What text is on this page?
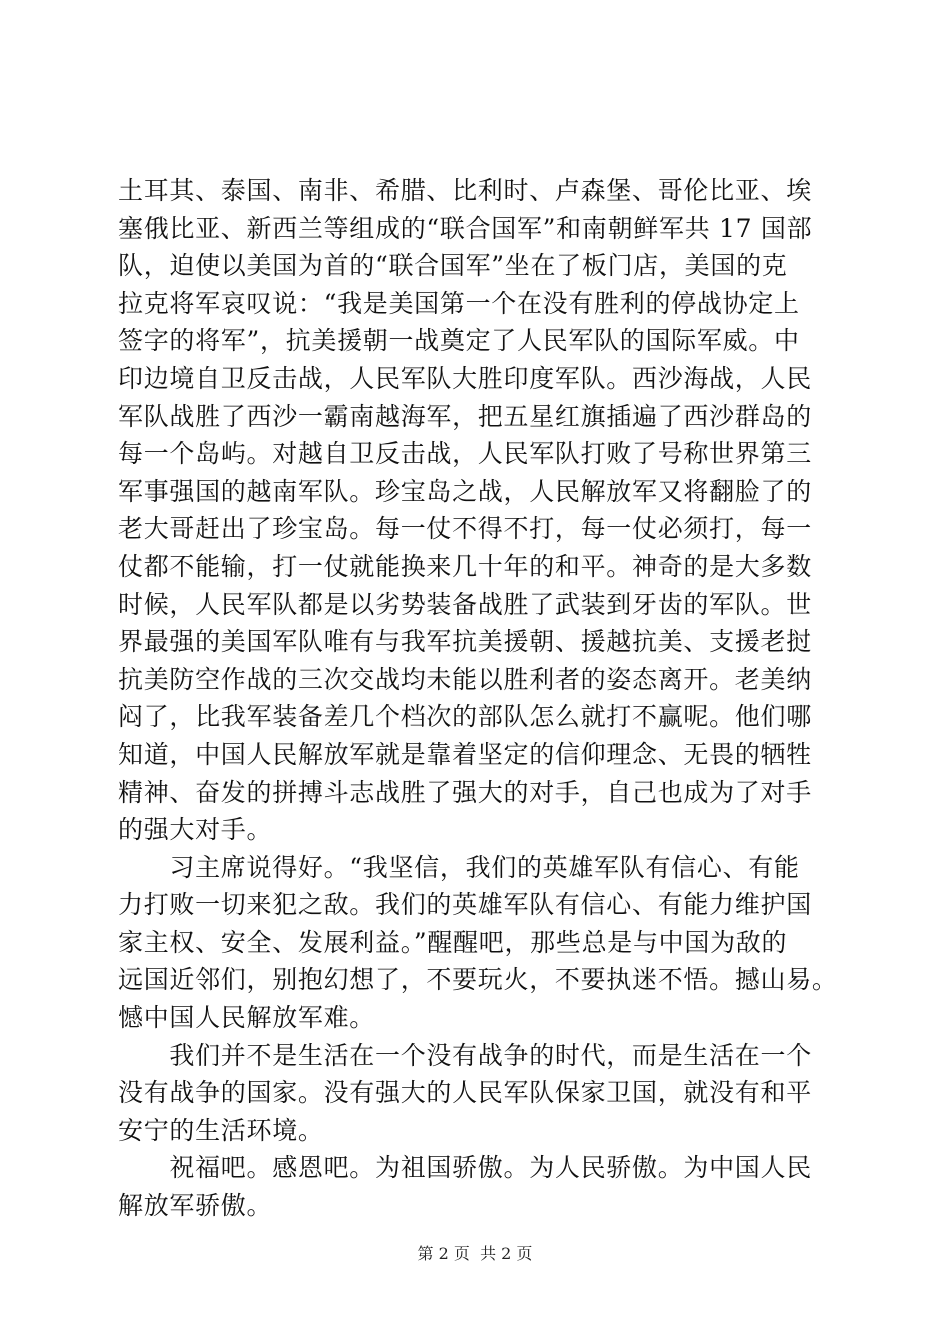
土耳其、泰国、南非、希腊、比利时、卢森堡、哥伦比亚、埃
塞俄比亚、新西兰等组成的“联合国军”和南朝鲜军共 17 国部
队，迫使以美国为首的“联合国军”坐在了板门店，美国的克
拉克将军哀叹说：“我是美国第一个在没有胜利的停战协定上
签字的将军”，抗美援朝一战奠定了人民军队的国际军威。中
印边境自卫反击战，人民军队大胜印度军队。西沙海战，人民
军队战胜了西沙一霸南越海军，把五星红旗插遍了西沙群岛的
每一个岛屿。对越自卫反击战，人民军队打败了号称世界第三
军事强国的越南军队。珍宝岛之战，人民解放军又将翻脸了的
老大哥赶出了珍宝岛。每一仗不得不打，每一仗必须打，每一
仗都不能输，打一仗就能换来几十年的和平。神奇的是大多数
时候，人民军队都是以劣势装备战胜了武装到牙齿的军队。世
界最强的美国军队唯有与我军抗美援朝、援越抗美、支援老挝
抗美防空作战的三次交战均未能以胜利者的姿态离开。老美纳
闷了，比我军装备差几个档次的部队怎么就打不赢呢。他们哪
知道，中国人民解放军就是靠着坚定的信仰理念、无畏的牺牲
精神、奋发的拼搏斗志战胜了强大的对手，自己也成为了对手
的强大对手。
　　习主席说得好。“我坚信，我们的英雄军队有信心、有能
力打败一切来犯之敌。我们的英雄军队有信心、有能力维护国
家主权、安全、发展利益。”醒醒吧，那些总是与中国为敌的
远国近邻们，别抱幻想了，不要玩火，不要执迷不悟。撼山易。
憾中国人民解放军难。
　　我们并不是生活在一个没有战争的时代，而是生活在一个
没有战争的国家。没有强大的人民军队保家卫国，就没有和平
安宁的生活环境。
　　祝福吧。感恩吧。为祖国骄傲。为人民骄傲。为中国人民
解放军骄傲。
第 2 页  共 2 页
